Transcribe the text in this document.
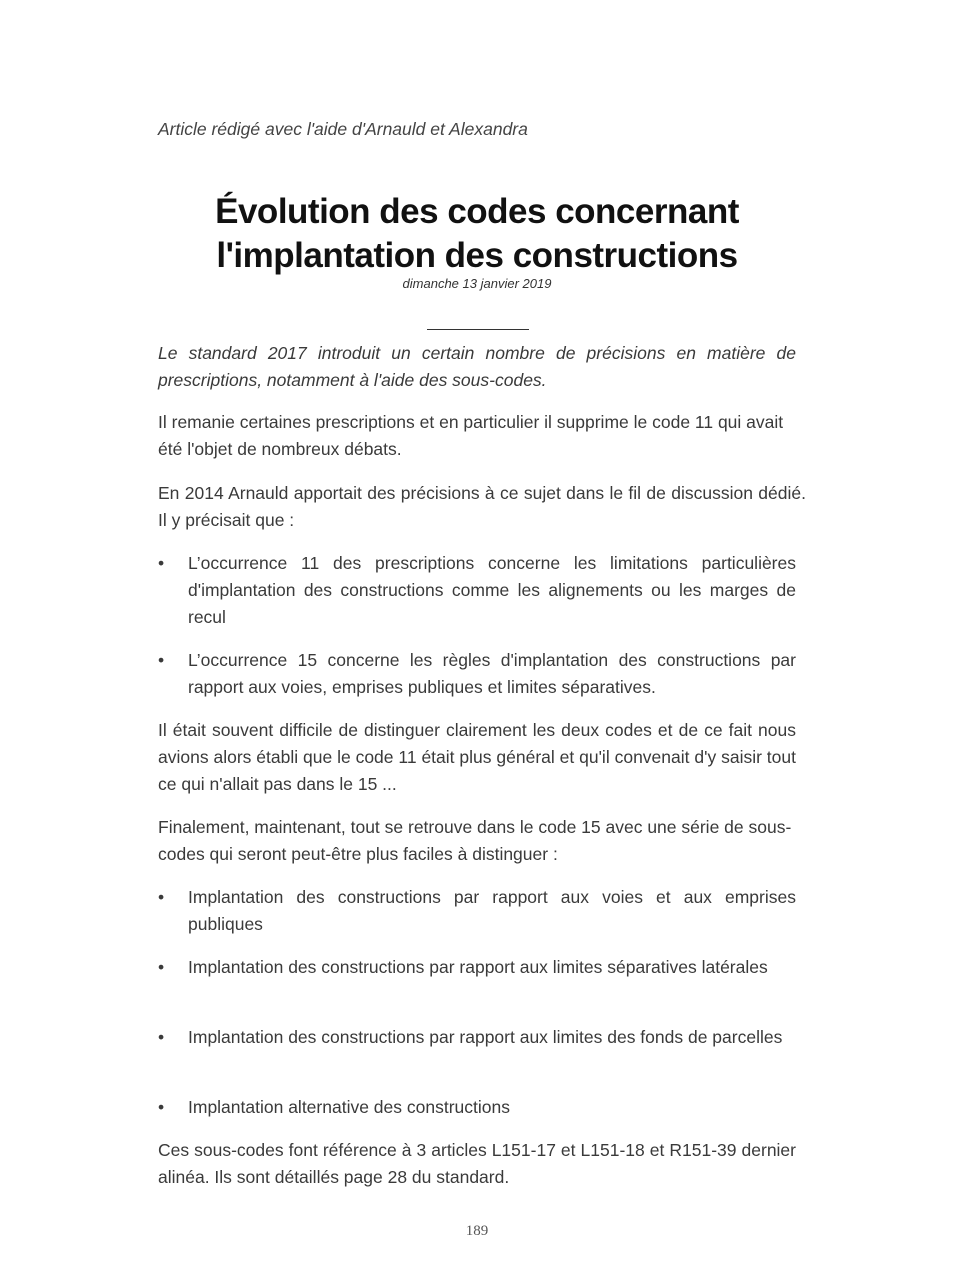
Article rédigé avec l'aide d'Arnauld et Alexandra
Évolution des codes concernant
l'implantation des constructions
dimanche 13 janvier 2019
Le standard 2017 introduit un certain nombre de précisions en matière de prescriptions, notamment à l'aide des sous-codes.
Il remanie certaines prescriptions et en particulier il supprime le code 11 qui avait été l'objet de nombreux débats.
En 2014 Arnauld apportait des précisions à ce sujet dans le fil de discussion dédié. Il y précisait que :
• L’occurrence 11 des prescriptions concerne les limitations particulières d'implantation des constructions comme les alignements ou les marges de recul
• L’occurrence 15 concerne les règles d'implantation des constructions par rapport aux voies, emprises publiques et limites séparatives.
Il était souvent difficile de distinguer clairement les deux codes et de ce fait nous avions alors établi que le code 11 était plus général et qu'il convenait d'y saisir tout ce qui n'allait pas dans le 15 ...
Finalement, maintenant, tout se retrouve dans le code 15 avec une série de sous-codes qui seront peut-être plus faciles à distinguer :
• Implantation des constructions par rapport aux voies et aux emprises publiques
• Implantation des constructions par rapport aux limites séparatives latérales
• Implantation des constructions par rapport aux limites des fonds de parcelles
• Implantation alternative des constructions
Ces sous-codes font référence à 3 articles L151-17 et L151-18 et R151-39 dernier alinéa. Ils sont détaillés page 28 du standard.
189
